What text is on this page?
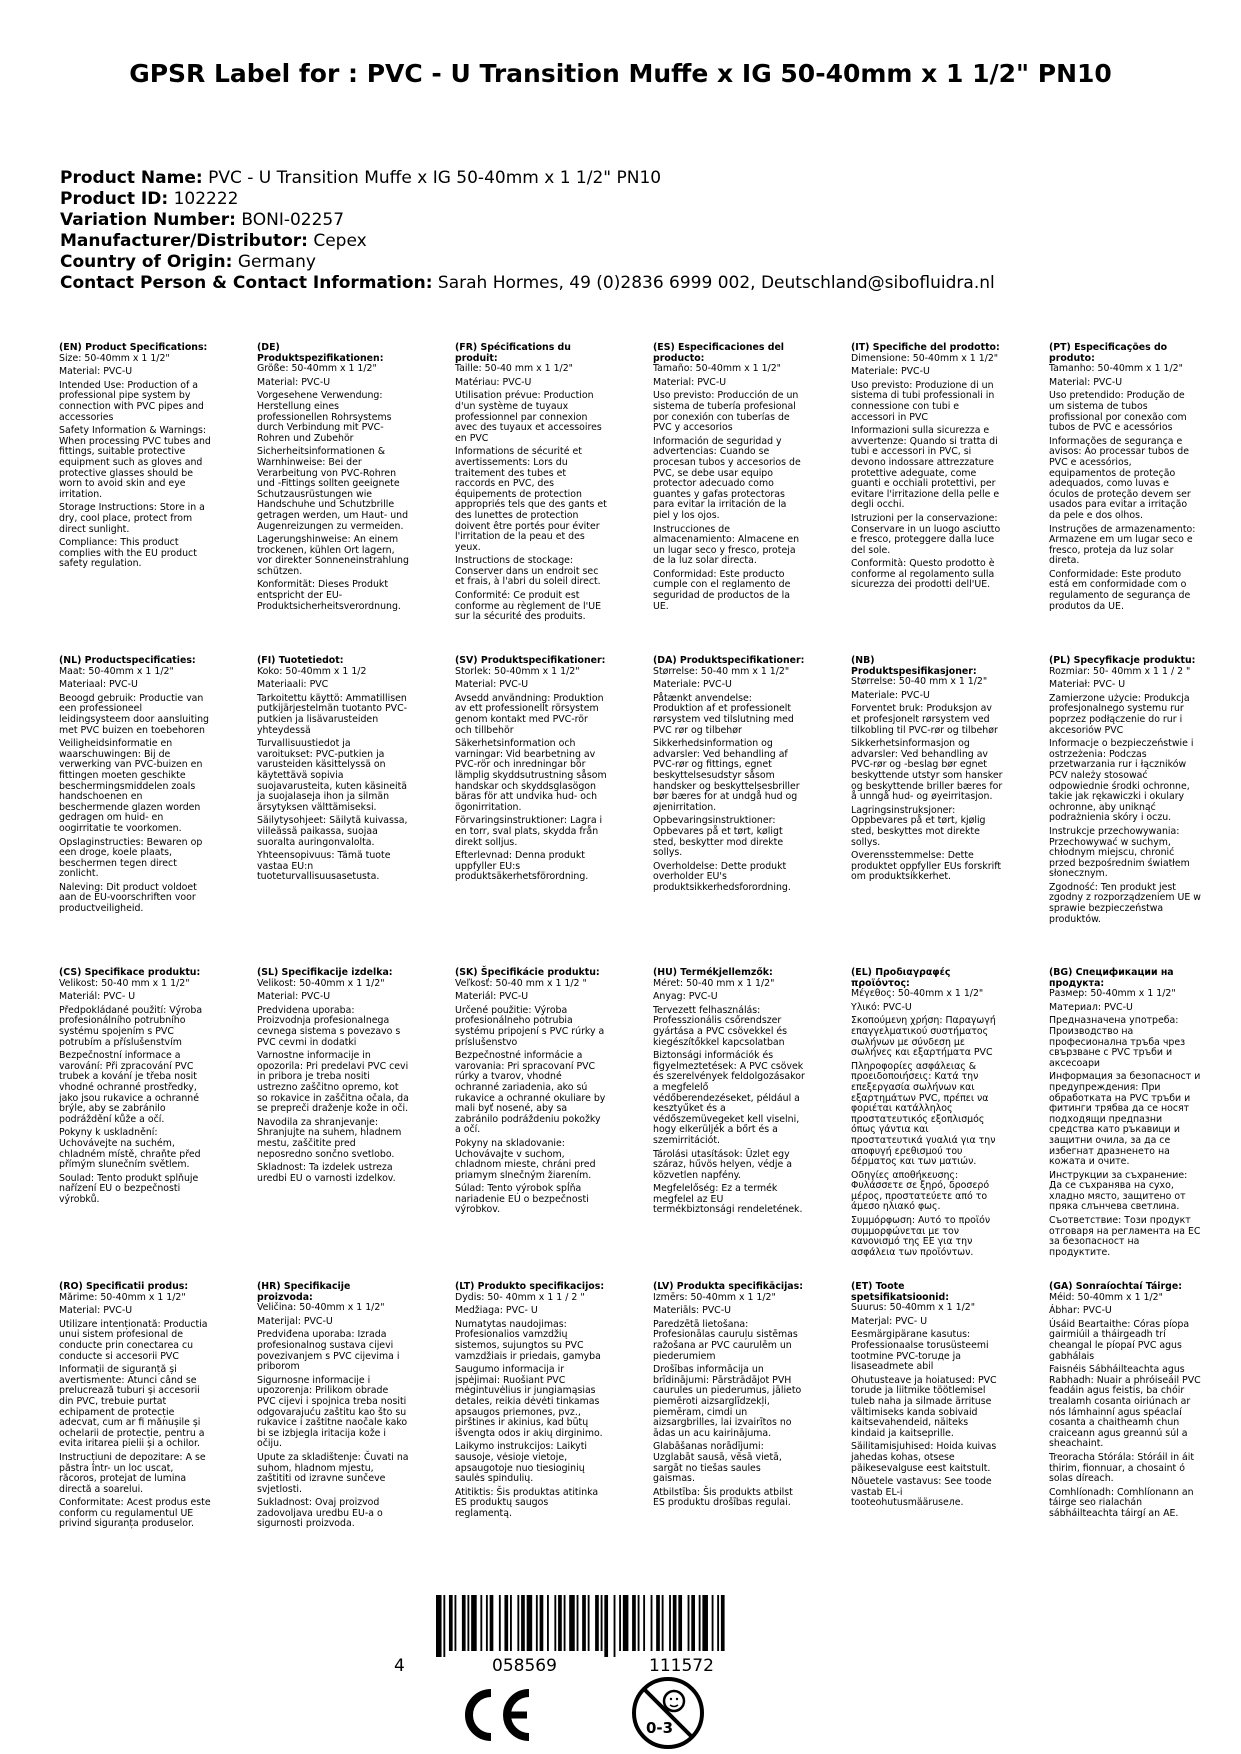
GPSR Label for : PVC - U Transition Muffe x IG 50-40mm x 1 1/2" PN10
Product Name: PVC - U Transition Muffe x IG 50-40mm x 1 1/2" PN10
Product ID: 102222
Variation Number: BONI-02257
Manufacturer/Distributor: Cepex
Country of Origin: Germany
Contact Person & Contact Information: Sarah Hormes, 49 (0)2836 6999 002, Deutschland@sibofluidra.nl
(EN) Product Specifications:

Size: 50-40mm x 1 1/2"

Material: PVC-U

Intended Use: Production of a professional pipe system by connection with PVC pipes and accessories

Safety Information & Warnings: When processing PVC tubes and fittings, suitable protective equipment such as gloves and protective glasses should be worn to avoid skin and eye irritation.

Storage Instructions: Store in a dry, cool place, protect from direct sunlight.

Compliance: This product complies with the EU product safety regulation.

(DE) Produktspezifikationen:

Größe: 50-40mm x 1 1/2"

Material: PVC-U

Vorgesehene Verwendung: Herstellung eines professionellen Rohrsystems durch Verbindung mit PVC-Rohren und Zubehör

Sicherheitsinformationen & Warnhinweise: Bei der Verarbeitung von PVC-Rohren und -Fittings sollten geeignete Schutzausrüstungen wie Handschuhe und Schutzbrille getragen werden, um Haut- und Augenreizungen zu vermeiden.

Lagerungshinweise: An einem trockenen, kühlen Ort lagern, vor direkter Sonneneinstrahlung schützen.

Konformität: Dieses Produkt entspricht der EU-Produktsicherheitsverordnung.

(FR) Spécifications du produit:

Taille: 50-40 mm x 1 1/2"

Matériau: PVC-U

Utilisation prévue: Production d'un système de tuyaux professionnel par connexion avec des tuyaux et accessoires en PVC

Informations de sécurité et avertissements: Lors du traitement des tubes et raccords en PVC, des équipements de protection appropriés tels que des gants et des lunettes de protection doivent être portés pour éviter l'irritation de la peau et des yeux.

Instructions de stockage: Conserver dans un endroit sec et frais, à l'abri du soleil direct.

Conformité: Ce produit est conforme au règlement de l'UE sur la sécurité des produits.

(ES) Especificaciones del producto:

Tamaño: 50-40mm x 1 1/2"

Material: PVC-U

Uso previsto: Producción de un sistema de tubería profesional por conexión con tuberías de PVC y accesorios

Información de seguridad y advertencias: Cuando se procesan tubos y accesorios de PVC, se debe usar equipo protector adecuado como guantes y gafas protectoras para evitar la irritación de la piel y los ojos.

Instrucciones de almacenamiento: Almacene en un lugar seco y fresco, proteja de la luz solar directa.

Conformidad: Este producto cumple con el reglamento de seguridad de productos de la UE.

(IT) Specifiche del prodotto:

Dimensione: 50-40mm x 1 1/2"

Materiale: PVC-U

Uso previsto: Produzione di un sistema di tubi professionali in connessione con tubi e accessori in PVC

Informazioni sulla sicurezza e avvertenze: Quando si tratta di tubi e accessori in PVC, si devono indossare attrezzature protettive adeguate, come guanti e occhiali protettivi, per evitare l'irritazione della pelle e degli occhi.

Istruzioni per la conservazione: Conservare in un luogo asciutto e fresco, proteggere dalla luce del sole.

Conformità: Questo prodotto è conforme al regolamento sulla sicurezza dei prodotti dell'UE.

(PT) Especificações do produto:

Tamanho: 50-40mm x 1 1/2"

Material: PVC-U

Uso pretendido: Produção de um sistema de tubos profissional por conexão com tubos de PVC e acessórios

Informações de segurança e avisos: Ao processar tubos de PVC e acessórios, equipamentos de proteção adequados, como luvas e óculos de proteção devem ser usados para evitar a irritação da pele e dos olhos.

Instruções de armazenamento: Armazene em um lugar seco e fresco, proteja da luz solar direta.

Conformidade: Este produto está em conformidade com o regulamento de segurança de produtos da UE.

(NL) Productspecificaties:

Maat: 50-40mm x 1 1/2"

Materiaal: PVC-U

Beoogd gebruik: Productie van een professioneel leidingsysteem door aansluiting met PVC buizen en toebehoren

Veiligheidsinformatie en waarschuwingen: Bij de verwerking van PVC-buizen en fittingen moeten geschikte beschermingsmiddelen zoals handschoenen en beschermende glazen worden gedragen om huid- en oogirritatie te voorkomen.

Opslaginstructies: Bewaren op een droge, koele plaats, beschermen tegen direct zonlicht.

Naleving: Dit product voldoet aan de EU-voorschriften voor productveiligheid.

(FI) Tuotetiedot:

Koko: 50-40mm x 1 1/2

Materiaali: PVC

Tarkoitettu käyttö: Ammatillisen putkijärjestelmän tuotanto PVC-putkien ja lisävarusteiden yhteydessä

Turvallisuustiedot ja varoitukset: PVC-putkien ja varusteiden käsittelyssä on käytettävä sopivia suojavarusteita, kuten käsineitä ja suojalaseja ihon ja silmän ärsytyksen välttämiseksi.

Säilytysohjeet: Säilytä kuivassa, viileässä paikassa, suojaa suoralta auringonvalolta.

Yhteensopivuus: Tämä tuote vastaa EU:n tuoteturvallisuusasetusta.

(SV) Produktspecifikationer:

Storlek: 50-40mm x 1 1/2"

Material: PVC-U

Avsedd användning: Produktion av ett professionellt rörsystem genom kontakt med PVC-rör och tillbehör

Säkerhetsinformation och varningar: Vid bearbetning av PVC-rör och inredningar bör lämplig skyddsutrustning såsom handskar och skyddsglasögon bäras för att undvika hud- och ögonirritation.

Förvaringsinstruktioner: Lagra i en torr, sval plats, skydda från direkt solljus.

Efterlevnad: Denna produkt uppfyller EU:s produktsäkerhetsförordning.

(DA) Produktspecifikationer:

Størrelse: 50-40 mm x 1 1/2"

Materiale: PVC-U

Påtænkt anvendelse: Produktion af et professionelt rørsystem ved tilslutning med PVC rør og tilbehør

Sikkerhedsinformation og advarsler: Ved behandling af PVC-rør og fittings, egnet beskyttelsesudstyr såsom handsker og beskyttelsesbriller bør bæres for at undgå hud og øjenirritation.

Opbevaringsinstruktioner: Opbevares på et tørt, køligt sted, beskytter mod direkte sollys.

Overholdelse: Dette produkt overholder EU's produktsikkerhedsforordning.

(NB) Produktspesifikasjoner:

Størrelse: 50-40 mm x 1 1/2"

Materiale: PVC-U

Forventet bruk: Produksjon av et profesjonelt rørsystem ved tilkobling til PVC-rør og tilbehør

Sikkerhetsinformasjon og advarsler: Ved behandling av PVC-rør og -beslag bør egnet beskyttende utstyr som hansker og beskyttende briller bæres for å unngå hud- og øyeirritasjon.

Lagringsinstruksjoner: Oppbevares på et tørt, kjølig sted, beskyttes mot direkte sollys.

Overensstemmelse: Dette produktet oppfyller EUs forskrift om produktsikkerhet.

(PL) Specyfikacje produktu:

Rozmiar: 50- 40mm x 1 1 / 2 "

Materiał: PVC- U

Zamierzone użycie: Produkcja profesjonalnego systemu rur poprzez podłączenie do rur i akcesoriów PVC

Informacje o bezpieczeństwie i ostrzeżenia: Podczas przetwarzania rur i łączników PCV należy stosować odpowiednie środki ochronne, takie jak rękawiczki i okulary ochronne, aby uniknąć podrażnienia skóry i oczu.

Instrukcje przechowywania: Przechowywać w suchym, chłodnym miejscu, chronić przed bezpośrednim światłem słonecznym.

Zgodność: Ten produkt jest zgodny z rozporządzeniem UE w sprawie bezpieczeństwa produktów.

(CS) Specifikace produktu:

Velikost: 50-40 mm x 1 1/2"

Materiál: PVC- U

Předpokládané použití: Výroba profesionálního potrubního systému spojením s PVC potrubím a příslušenstvím

Bezpečnostní informace a varování: Při zpracování PVC trubek a kování je třeba nosit vhodné ochranné prostředky, jako jsou rukavice a ochranné brýle, aby se zabránilo podráždění kůže a očí.

Pokyny k uskladnění: Uchovávejte na suchém, chladném místě, chraňte před přímým slunečním světlem.

Soulad: Tento produkt splňuje nařízení EU o bezpečnosti výrobků.

(SL) Specifikacije izdelka:

Velikost: 50-40mm x 1 1/2"

Material: PVC-U

Predvidena uporaba: Proizvodnja profesionalnega cevnega sistema s povezavo s PVC cevmi in dodatki

Varnostne informacije in opozorila: Pri predelavi PVC cevi in pribora je treba nositi ustrezno zaščitno opremo, kot so rokavice in zaščitna očala, da se prepreči draženje kože in oči.

Navodila za shranjevanje: Shranjujte na suhem, hladnem mestu, zaščitite pred neposredno sončno svetlobo.

Skladnost: Ta izdelek ustreza uredbi EU o varnosti izdelkov.

(SK) Špecifikácie produktu:

Veľkosť: 50-40 mm x 1 1/2 "

Materiál: PVC-U

Určené použitie: Výroba profesionálneho potrubia systému pripojení s PVC rúrky a príslušenstvo

Bezpečnostné informácie a varovania: Pri spracovaní PVC rúrky a tvarov, vhodné ochranné zariadenia, ako sú rukavice a ochranné okuliare by mali byť nosené, aby sa zabránilo podráždeniu pokožky a očí.

Pokyny na skladovanie: Uchovávajte v suchom, chladnom mieste, chráni pred priamym slnečným žiarením.

Súlad: Tento výrobok spĺňa nariadenie EÚ o bezpečnosti výrobkov.

(HU) Termékjellemzők:

Méret: 50-40 mm x 1 1/2"

Anyag: PVC-U

Tervezett felhasználás: Professzionális csőrendszer gyártása a PVC csövekkel és kiegészítőkkel kapcsolatban

Biztonsági információk és figyelmeztetések: A PVC csövek és szerelvények feldolgozásakor a megfelelő védőberendezéseket, például a kesztyűket és a védőszemüvegeket kell viselni, hogy elkerüljék a bőrt és a szemirritációt.

Tárolási utasítások: Üzlet egy száraz, hűvös helyen, védje a közvetlen napfény.

Megfelelőség: Ez a termék megfelel az EU termékbiztonsági rendeletének.

(EL) Προδιαγραφές προϊόντος:

Μέγεθος: 50-40mm x 1 1/2"

Υλικό: PVC-U

Σκοπούμενη χρήση: Παραγωγή επαγγελματικού συστήματος σωλήνων με σύνδεση με σωλήνες και εξαρτήματα PVC

Πληροφορίες ασφάλειας & προειδοποιήσεις: Κατά την επεξεργασία σωλήνων και εξαρτημάτων PVC, πρέπει να φοριέται κατάλληλος προστατευτικός εξοπλισμός όπως γάντια και προστατευτικά γυαλιά για την αποφυγή ερεθισμού του δέρματος και των ματιών.

Οδηγίες αποθήκευσης: Φυλάσσετε σε ξηρό, δροσερό μέρος, προστατεύετε από το άμεσο ηλιακό φως.

Συμμόρφωση: Αυτό το προϊόν συμμορφώνεται με τον κανονισμό της ΕΕ για την ασφάλεια των προϊόντων.

(BG) Спецификации на продукта:

Размер: 50-40mm x 1 1/2"

Материал: PVC-U

Предназначена употреба: Производство на професионална тръба чрез свързване с PVC тръби и аксесоари

Информация за безопасност и предупреждения: При обработката на PVC тръби и фитинги трябва да се носят подходящи предпазни средства като ръкавици и защитни очила, за да се избегнат дразненето на кожата и очите.

Инструкции за съхранение: Да се съхранява на сухо, хладно място, защитено от пряка слънчева светлина.

Съответствие: Този продукт отговаря на регламента на ЕС за безопасност на продуктите.

(RO) Specificatii produs:

Mărime: 50-40mm x 1 1/2"

Material: PVC-U

Utilizare intenționată: Productia unui sistem profesional de conducte prin conectarea cu conducte si accesorii PVC

Informații de siguranță și avertismente: Atunci când se prelucrează tuburi și accesorii din PVC, trebuie purtat echipament de protecție adecvat, cum ar fi mănușile și ochelarii de protecție, pentru a evita iritarea pielii și a ochilor.

Instrucțiuni de depozitare: A se păstra într- un loc uscat, răcoros, protejat de lumina directă a soarelui.

Conformitate: Acest produs este conform cu regulamentul UE privind siguranța produselor.

(HR) Specifikacije proizvoda:

Veličina: 50-40mm x 1 1/2"

Materijal: PVC-U

Predviđena uporaba: Izrada profesionalnog sustava cijevi povezivanjem s PVC cijevima i priborom

Sigurnosne informacije i upozorenja: Prilikom obrade PVC cijevi i spojnica treba nositi odgovarajuću zaštitu kao što su rukavice i zaštitne naočale kako bi se izbjegla iritacija kože i očiju.

Upute za skladištenje: Čuvati na suhom, hladnom mjestu, zaštititi od izravne sunčeve svjetlosti.

Sukladnost: Ovaj proizvod zadovoljava uredbu EU-a o sigurnosti proizvoda.

(LT) Produkto specifikacijos:

Dydis: 50- 40mm x 1 1 / 2 "

Medžiaga: PVC- U

Numatytas naudojimas: Profesionalios vamzdžių sistemos, sujungtos su PVC vamzdžiais ir priedais, gamyba

Saugumo informacija ir įspėjimai: Ruošiant PVC mėgintuvėlius ir jungiamąsias detales, reikia dėvėti tinkamas apsaugos priemones, pvz., pirštines ir akinius, kad būtų išvengta odos ir akių dirginimo.

Laikymo instrukcijos: Laikyti sausoje, vėsioje vietoje, apsaugotoje nuo tiesioginių saulės spindulių.

Atitiktis: Šis produktas atitinka ES produktų saugos reglamentą.

(LV) Produkta specifikācijas:

Izmērs: 50-40mm x 1 1/2"

Materiāls: PVC-U

Paredzētā lietošana: Profesionālas cauruļu sistēmas ražošana ar PVC caurulēm un piederumiem

Drošības informācija un brīdinājumi: Pārstrādājot PVH caurules un piederumus, jālieto piemēroti aizsarglīdzekļi, piemēram, cimdi un aizsargbrilles, lai izvairītos no ādas un acu kairinājuma.

Glabāšanas norādījumi: Uzglabāt sausā, vēsā vietā, sargāt no tiešas saules gaismas.

Atbilstība: Šis produkts atbilst ES produktu drošības regulai.

(ET) Toote spetsifikatsioonid:

Suurus: 50-40mm x 1 1/2"

Materjal: PVC- U

Eesmärgipärane kasutus: Professionaalse torusüsteemi tootmine PVC-toruде ja lisaseadmete abil

Ohutusteave ja hoiatused: PVC torude ja liitmike töötlemisel tuleb naha ja silmade ärrituse vältimiseks kanda sobivaid kaitsevahendeid, näiteks kindaid ja kaitseprille.

Säilitamisjuhised: Hoida kuivas jahedas kohas, otsese päikesevalguse eest kaitstult.

Nõuetele vastavus: See toode vastab EL-i tooteohutusmääruseле.

(GA) Sonraíochtaí Táirge:

Méid: 50-40mm x 1 1/2"

Ábhar: PVC-U

Úsáid Beartaithe: Córas píopa gairmiúil a tháirgeadh trí cheangal le píopaí PVC agus gabhálais

Faisnéis Sábháilteachta agus Rabhadh: Nuair a phróiseáil PVC feadáin agus feistis, ba chóir trealamh cosanta oiriúnach ar nós lámhainní agus spéaclaí cosanta a chaitheamh chun craiceann agus greannú súl a sheachaint.

Treoracha Stórála: Stóráil in áit thirim, fionnuar, a chosaint ó solas díreach.

Comhlíonadh: Comhlíonann an táirge seo rialachán sábháilteachta táirgí an AE.

4	058569	111572
0-3
